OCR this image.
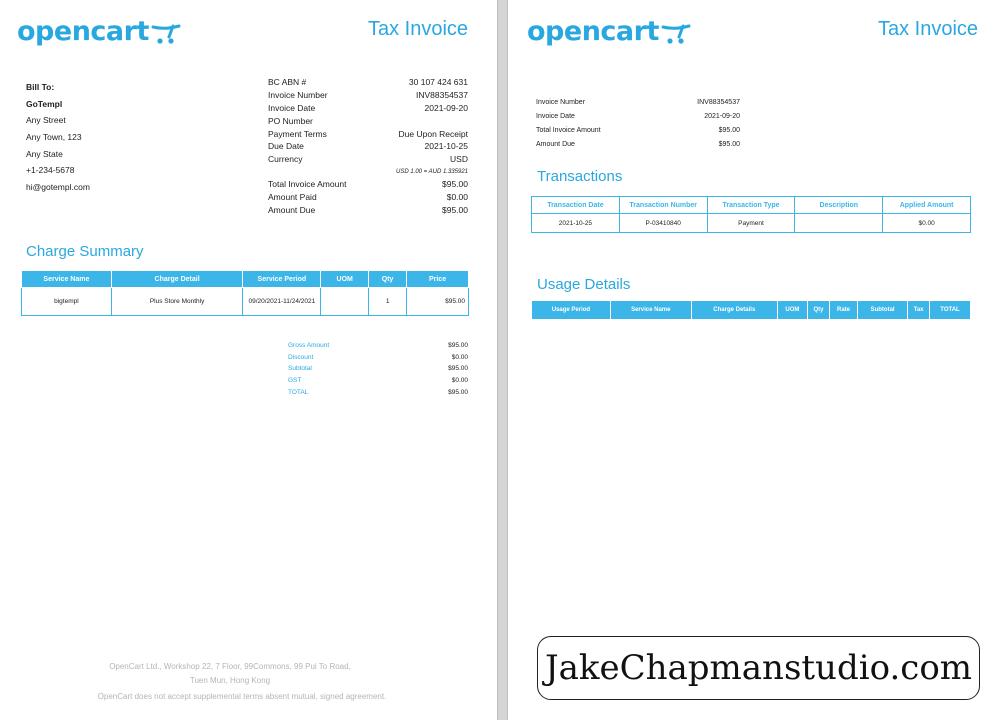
opencart	Tax Invoice
Bill To:
GoTempl
Any Street
Any Town, 123
Any State
+1-234-5678
hi@gotempl.com
BC ABN #	30 107 424 631
Invoice Number	INV88354537
Invoice Date	2021-09-20
PO Number
Payment Terms	Due Upon Receipt
Due Date	2021-10-25
Currency	USD
USD 1.00 = AUD 1.335921
Total Invoice Amount	$95.00
Amount Paid	$0.00
Amount Due	$95.00
Charge Summary
Service Name	Charge Detail	Service Period	UOM	Qty	Price
bigtempl	Plus Store Monthly	09/20/2021-11/24/2021		1	$95.00
Gross Amount	$95.00
Discount	$0.00
Subtotal	$95.00
GST	$0.00
TOTAL	$95.00
OpenCart Ltd., Workshop 22, 7 Floor, 99Commons, 99 Pui To Road,
Tuen Mun, Hong Kong
OpenCart does not accept supplemental terms absent mutual, signed agreement.
opencart	Tax Invoice
Invoice Number	INV88354537
Invoice Date	2021-09-20
Total Invoice Amount	$95.00
Amount Due	$95.00
Transactions
Transaction Date	Transaction Number	Transaction Type	Description	Applied Amount
2021-10-25	P-03410840	Payment		$0.00
Usage Details
Usage Period	Service Name	Charge Details	UOM	Qty	Rate	Subtotal	Tax	TOTAL
JakeChapmanstudio.com
